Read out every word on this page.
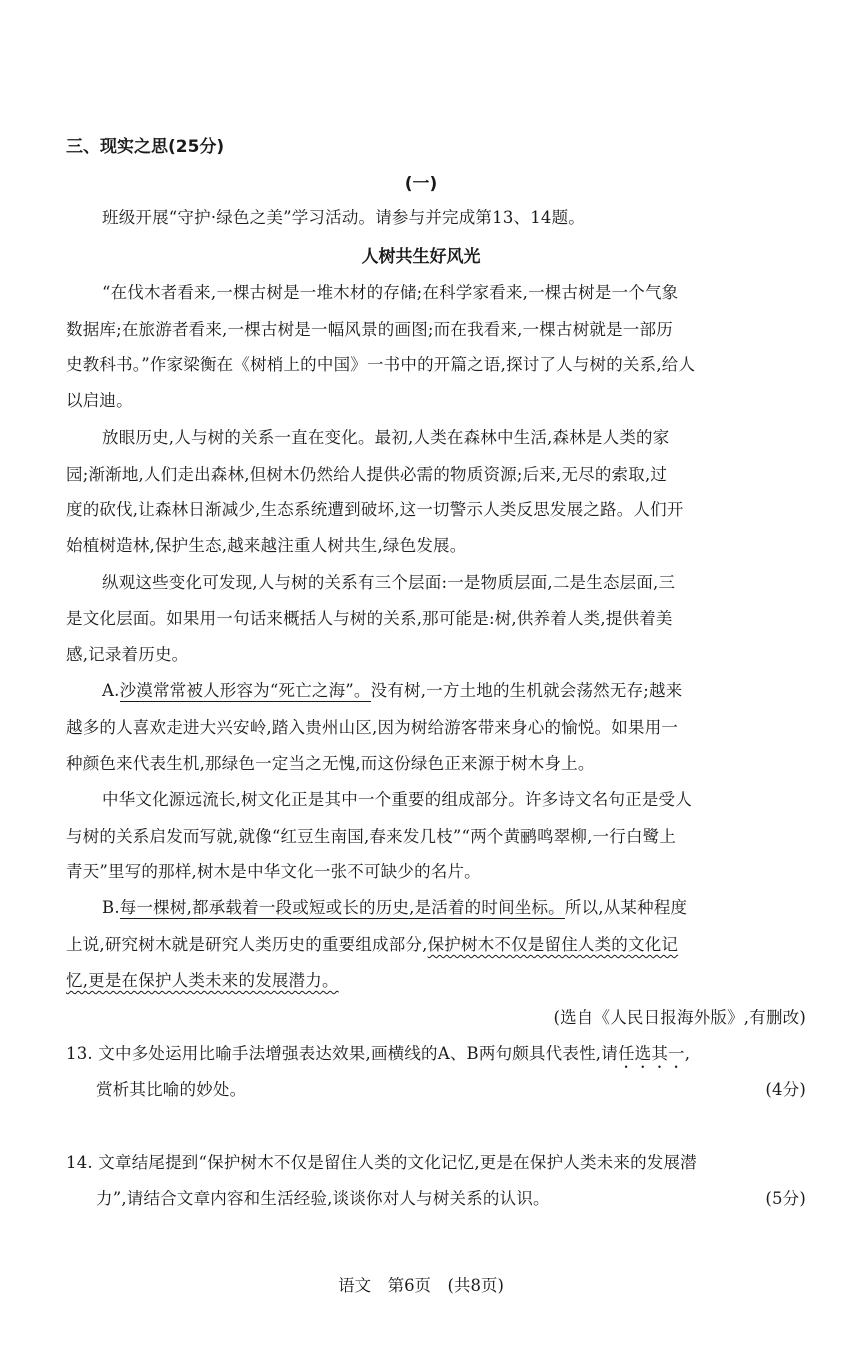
三、现实之思(25分)
(一)
班级开展“守护·绿色之美”学习活动。请参与并完成第13、14题。
人树共生好风光
“在伐木者看来,一棵古树是一堆木材的存储;在科学家看来,一棵古树是一个气象
数据库;在旅游者看来,一棵古树是一幅风景的画图;而在我看来,一棵古树就是一部历
史教科书。”作家梁衡在《树梢上的中国》一书中的开篇之语,探讨了人与树的关系,给人
以启迪。
放眼历史,人与树的关系一直在变化。最初,人类在森林中生活,森林是人类的家
园;渐渐地,人们走出森林,但树木仍然给人提供必需的物质资源;后来,无尽的索取,过
度的砍伐,让森林日渐减少,生态系统遭到破坏,这一切警示人类反思发展之路。人们开
始植树造林,保护生态,越来越注重人树共生,绿色发展。
纵观这些变化可发现,人与树的关系有三个层面:一是物质层面,二是生态层面,三
是文化层面。如果用一句话来概括人与树的关系,那可能是:树,供养着人类,提供着美
感,记录着历史。
A.沙漠常常被人形容为“死亡之海”。没有树,一方土地的生机就会荡然无存;越来
越多的人喜欢走进大兴安岭,踏入贵州山区,因为树给游客带来身心的愉悦。如果用一
种颜色来代表生机,那绿色一定当之无愧,而这份绿色正来源于树木身上。
中华文化源远流长,树文化正是其中一个重要的组成部分。许多诗文名句正是受人
与树的关系启发而写就,就像“红豆生南国,春来发几枝”“两个黄鹂鸣翠柳,一行白鹭上
青天”里写的那样,树木是中华文化一张不可缺少的名片。
B.每一棵树,都承载着一段或短或长的历史,是活着的时间坐标。所以,从某种程度
上说,研究树木就是研究人类历史的重要组成部分,保护树木不仅是留住人类的文化记
忆,更是在保护人类未来的发展潜力。
(选自《人民日报海外版》,有删改)
13. 文中多处运用比喻手法增强表达效果,画横线的A、B两句颇具代表性,请任选其一,
赏析其比喻的妙处。	(4分)
14. 文章结尾提到“保护树木不仅是留住人类的文化记忆,更是在保护人类未来的发展潜
力”,请结合文章内容和生活经验,谈谈你对人与树关系的认识。	(5分)
语文　第6页　(共8页)
